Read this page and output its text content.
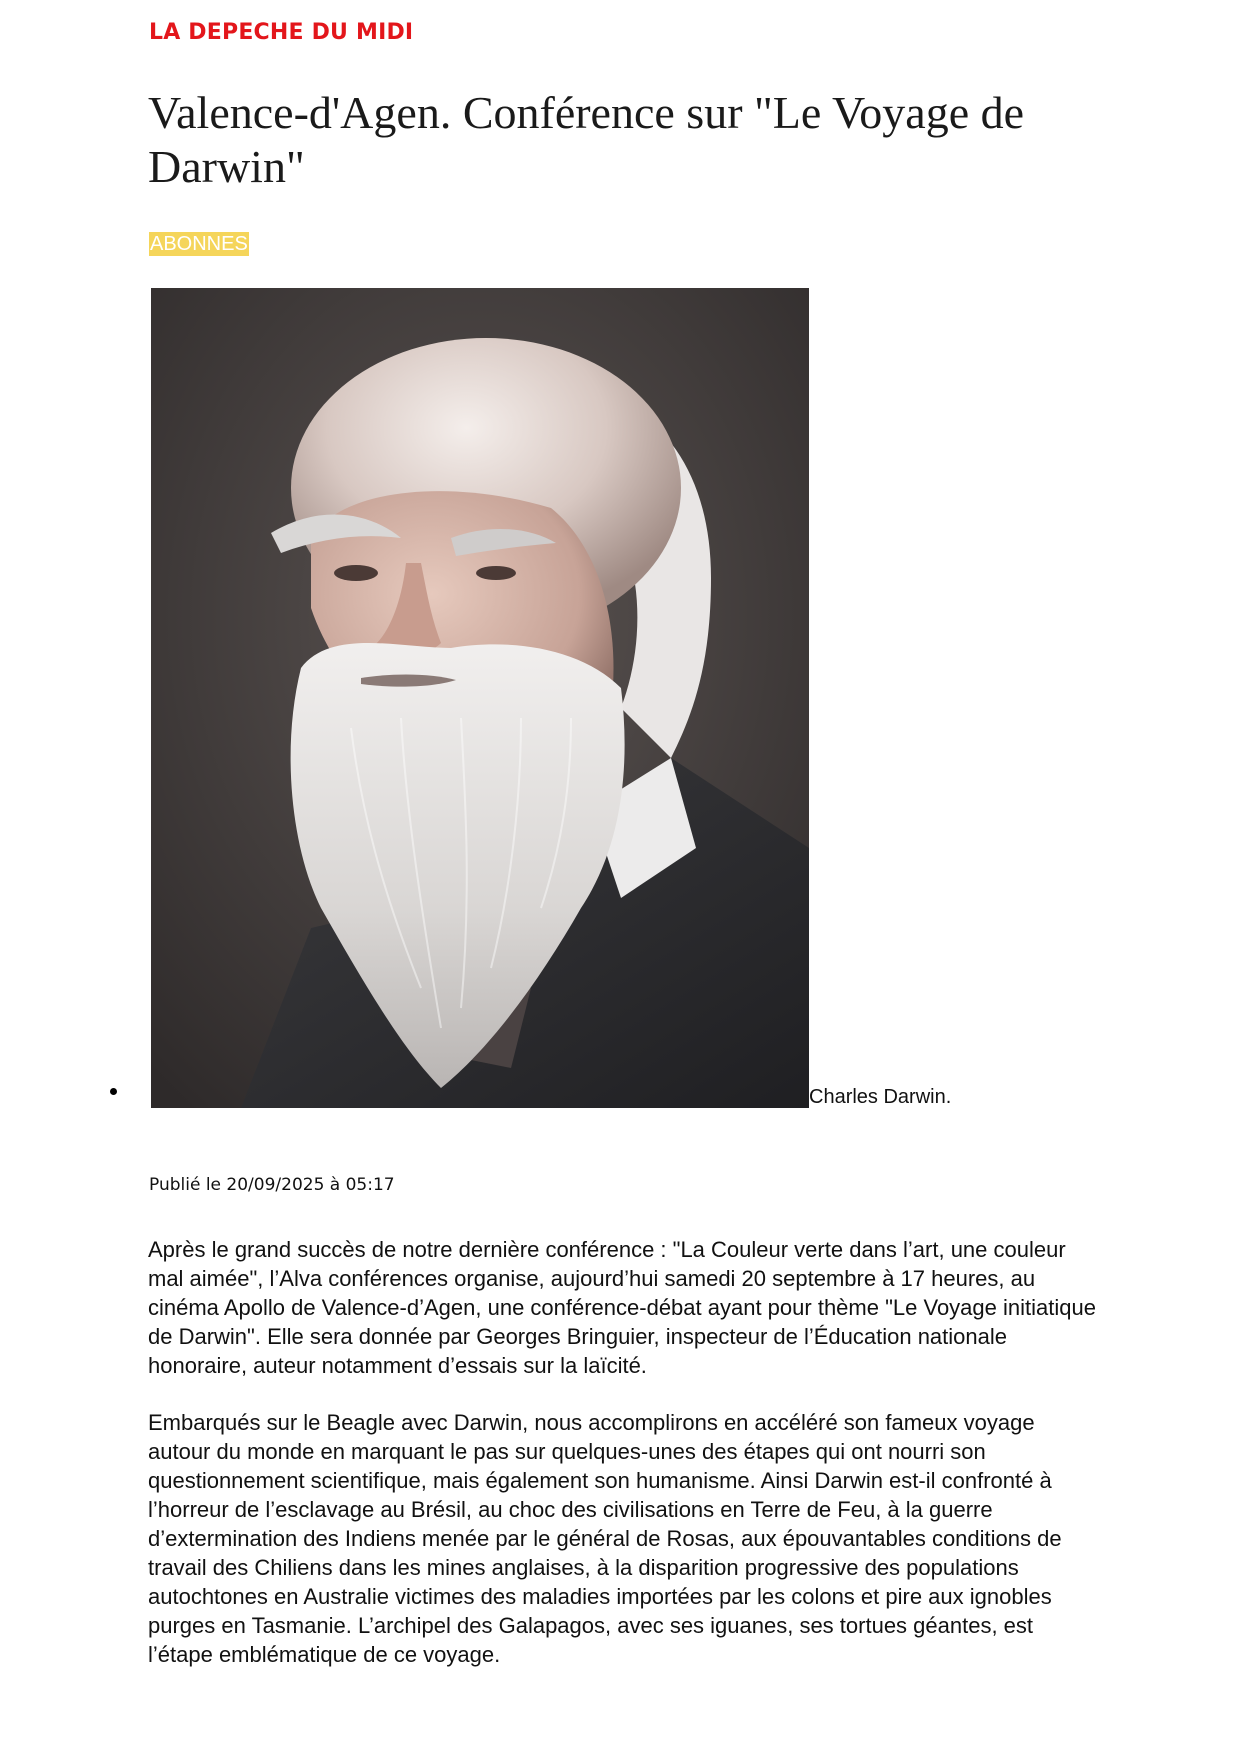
LA DEPECHE DU MIDI
Valence-d'Agen. Conférence sur "Le Voyage de Darwin"
ABONNES
Charles Darwin.
Publié le 20/09/2025 à 05:17

Après le grand succès de notre dernière conférence : "La Couleur verte dans l’art, une couleur mal aimée", l’Alva conférences organise, aujourd’hui samedi 20 septembre à 17 heures, au cinéma Apollo de Valence-d’Agen, une conférence-débat ayant pour thème "Le Voyage initiatique de Darwin". Elle sera donnée par Georges Bringuier, inspecteur de l’Éducation nationale honoraire, auteur notamment d’essais sur la laïcité.

Embarqués sur le Beagle avec Darwin, nous accomplirons en accéléré son fameux voyage autour du monde en marquant le pas sur quelques-unes des étapes qui ont nourri son questionnement scientifique, mais également son humanisme. Ainsi Darwin est-il confronté à l’horreur de l’esclavage au Brésil, au choc des civilisations en Terre de Feu, à la guerre d’extermination des Indiens menée par le général de Rosas, aux épouvantables conditions de travail des Chiliens dans les mines anglaises, à la disparition progressive des populations autochtones en Australie victimes des maladies importées par les colons et pire aux ignobles purges en Tasmanie. L’archipel des Galapagos, avec ses iguanes, ses tortues géantes, est l’étape emblématique de ce voyage.
